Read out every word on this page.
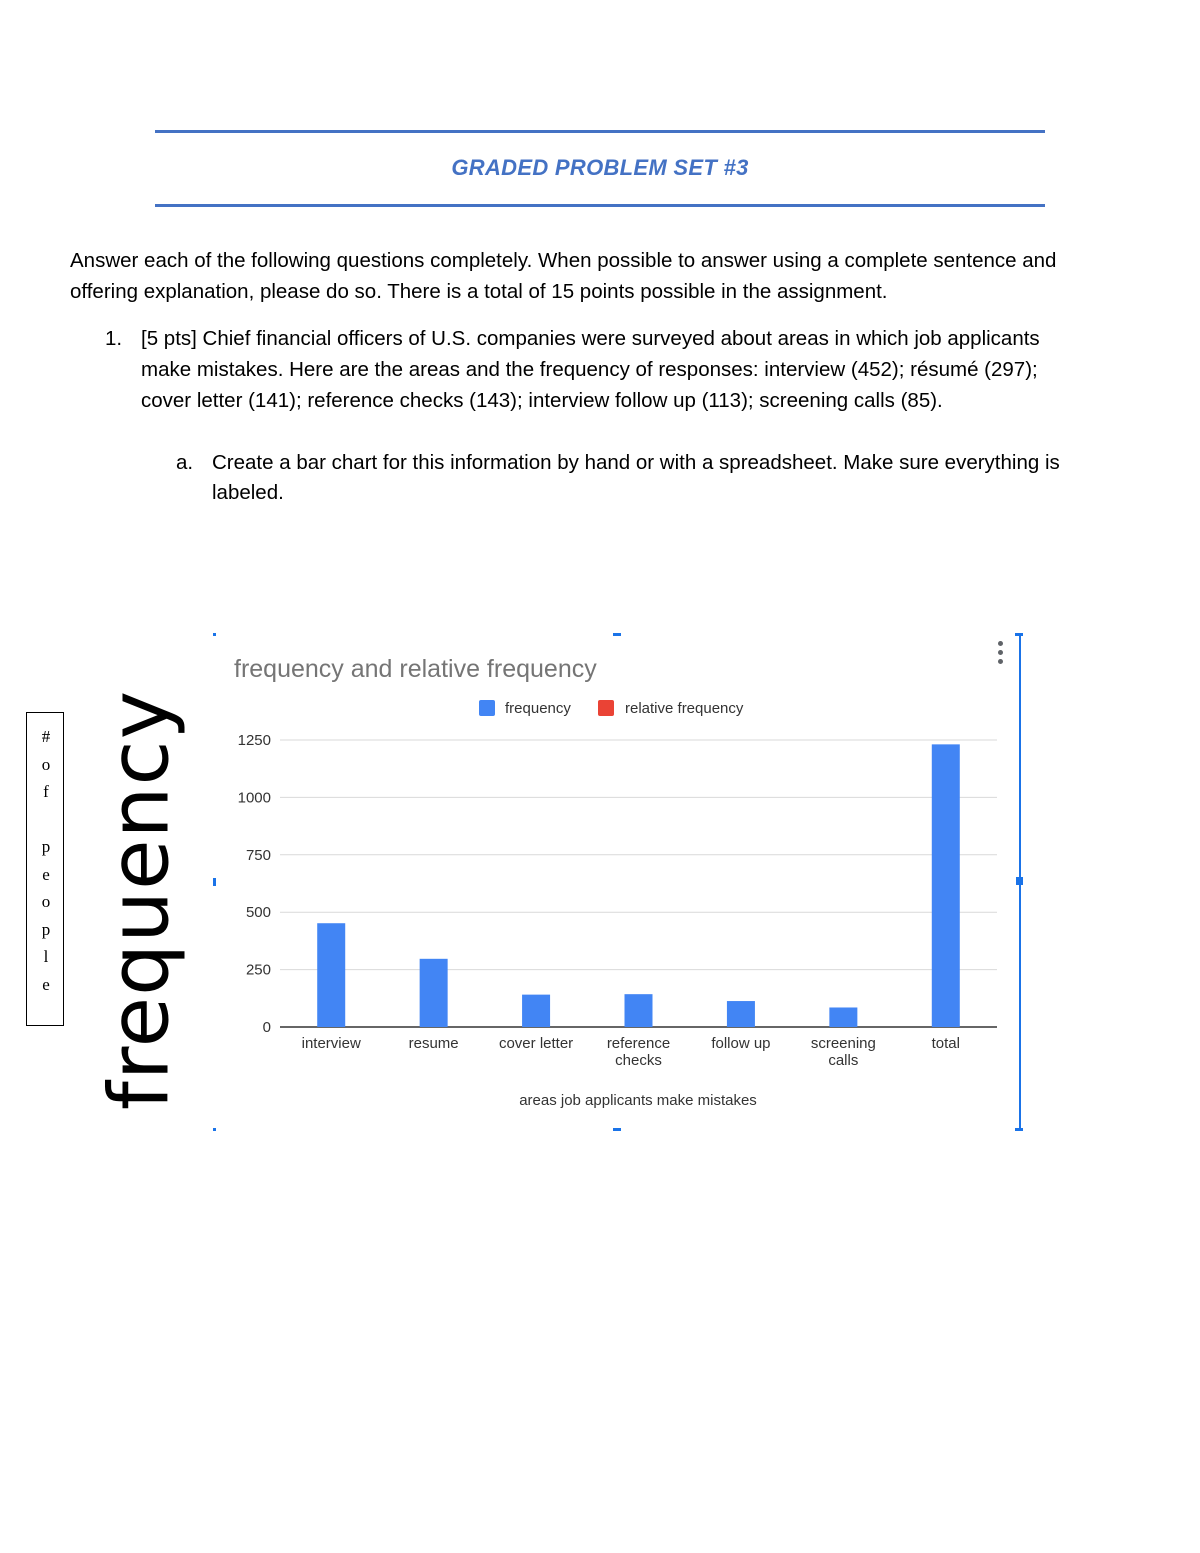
GRADED PROBLEM SET #3
Answer each of the following questions completely. When possible to answer using a complete sentence and
offering explanation, please do so. There is a total of 15 points possible in the assignment.
1. [5 pts] Chief financial officers of U.S. companies were surveyed about areas in which job applicants
make mistakes. Here are the areas and the frequency of responses: interview (452); résumé (297);
cover letter (141); reference checks (143); interview follow up (113); screening calls (85).
a. Create a bar chart for this information by hand or with a spreadsheet. Make sure everything is
labeled.
#
o
f

p
e
o
p
l
e frequency
frequency and relative frequency
frequency	relative frequency
0
250
500
750
1000
1250
interview	resume	cover letter reference
checks
follow up	screening
calls
total
areas job applicants make mistakes
